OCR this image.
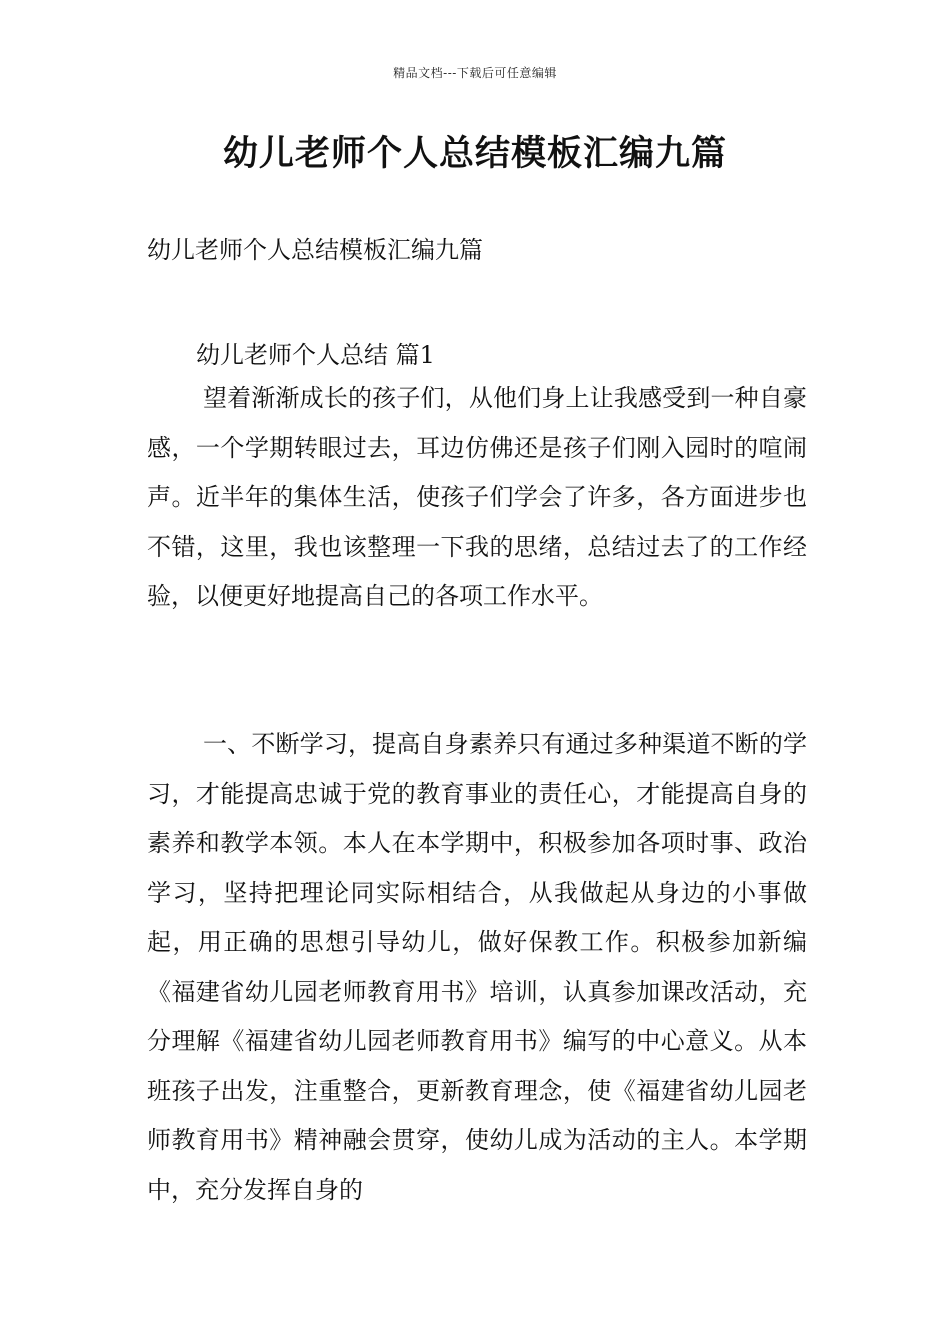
精品文档---下载后可任意编辑
幼儿老师个人总结模板汇编九篇
幼儿老师个人总结模板汇编九篇
幼儿老师个人总结 篇1

望着渐渐成长的孩子们，从他们身上让我感受到一种自豪感，一个学期转眼过去，耳边仿佛还是孩子们刚入园时的喧闹声。近半年的集体生活，使孩子们学会了许多，各方面进步也不错，这里，我也该整理一下我的思绪，总结过去了的工作经验，以便更好地提高自己的各项工作水平。

一、不断学习，提高自身素养只有通过多种渠道不断的学习，才能提高忠诚于党的教育事业的责任心，才能提高自身的素养和教学本领。本人在本学期中，积极参加各项时事、政治学习，坚持把理论同实际相结合，从我做起从身边的小事做起，用正确的思想引导幼儿，做好保教工作。积极参加新编《福建省幼儿园老师教育用书》培训，认真参加课改活动，充分理解《福建省幼儿园老师教育用书》编写的中心意义。从本班孩子出发，注重整合，更新教育理念，使《福建省幼儿园老师教育用书》精神融会贯穿，使幼儿成为活动的主人。本学期中，充分发挥自身的
